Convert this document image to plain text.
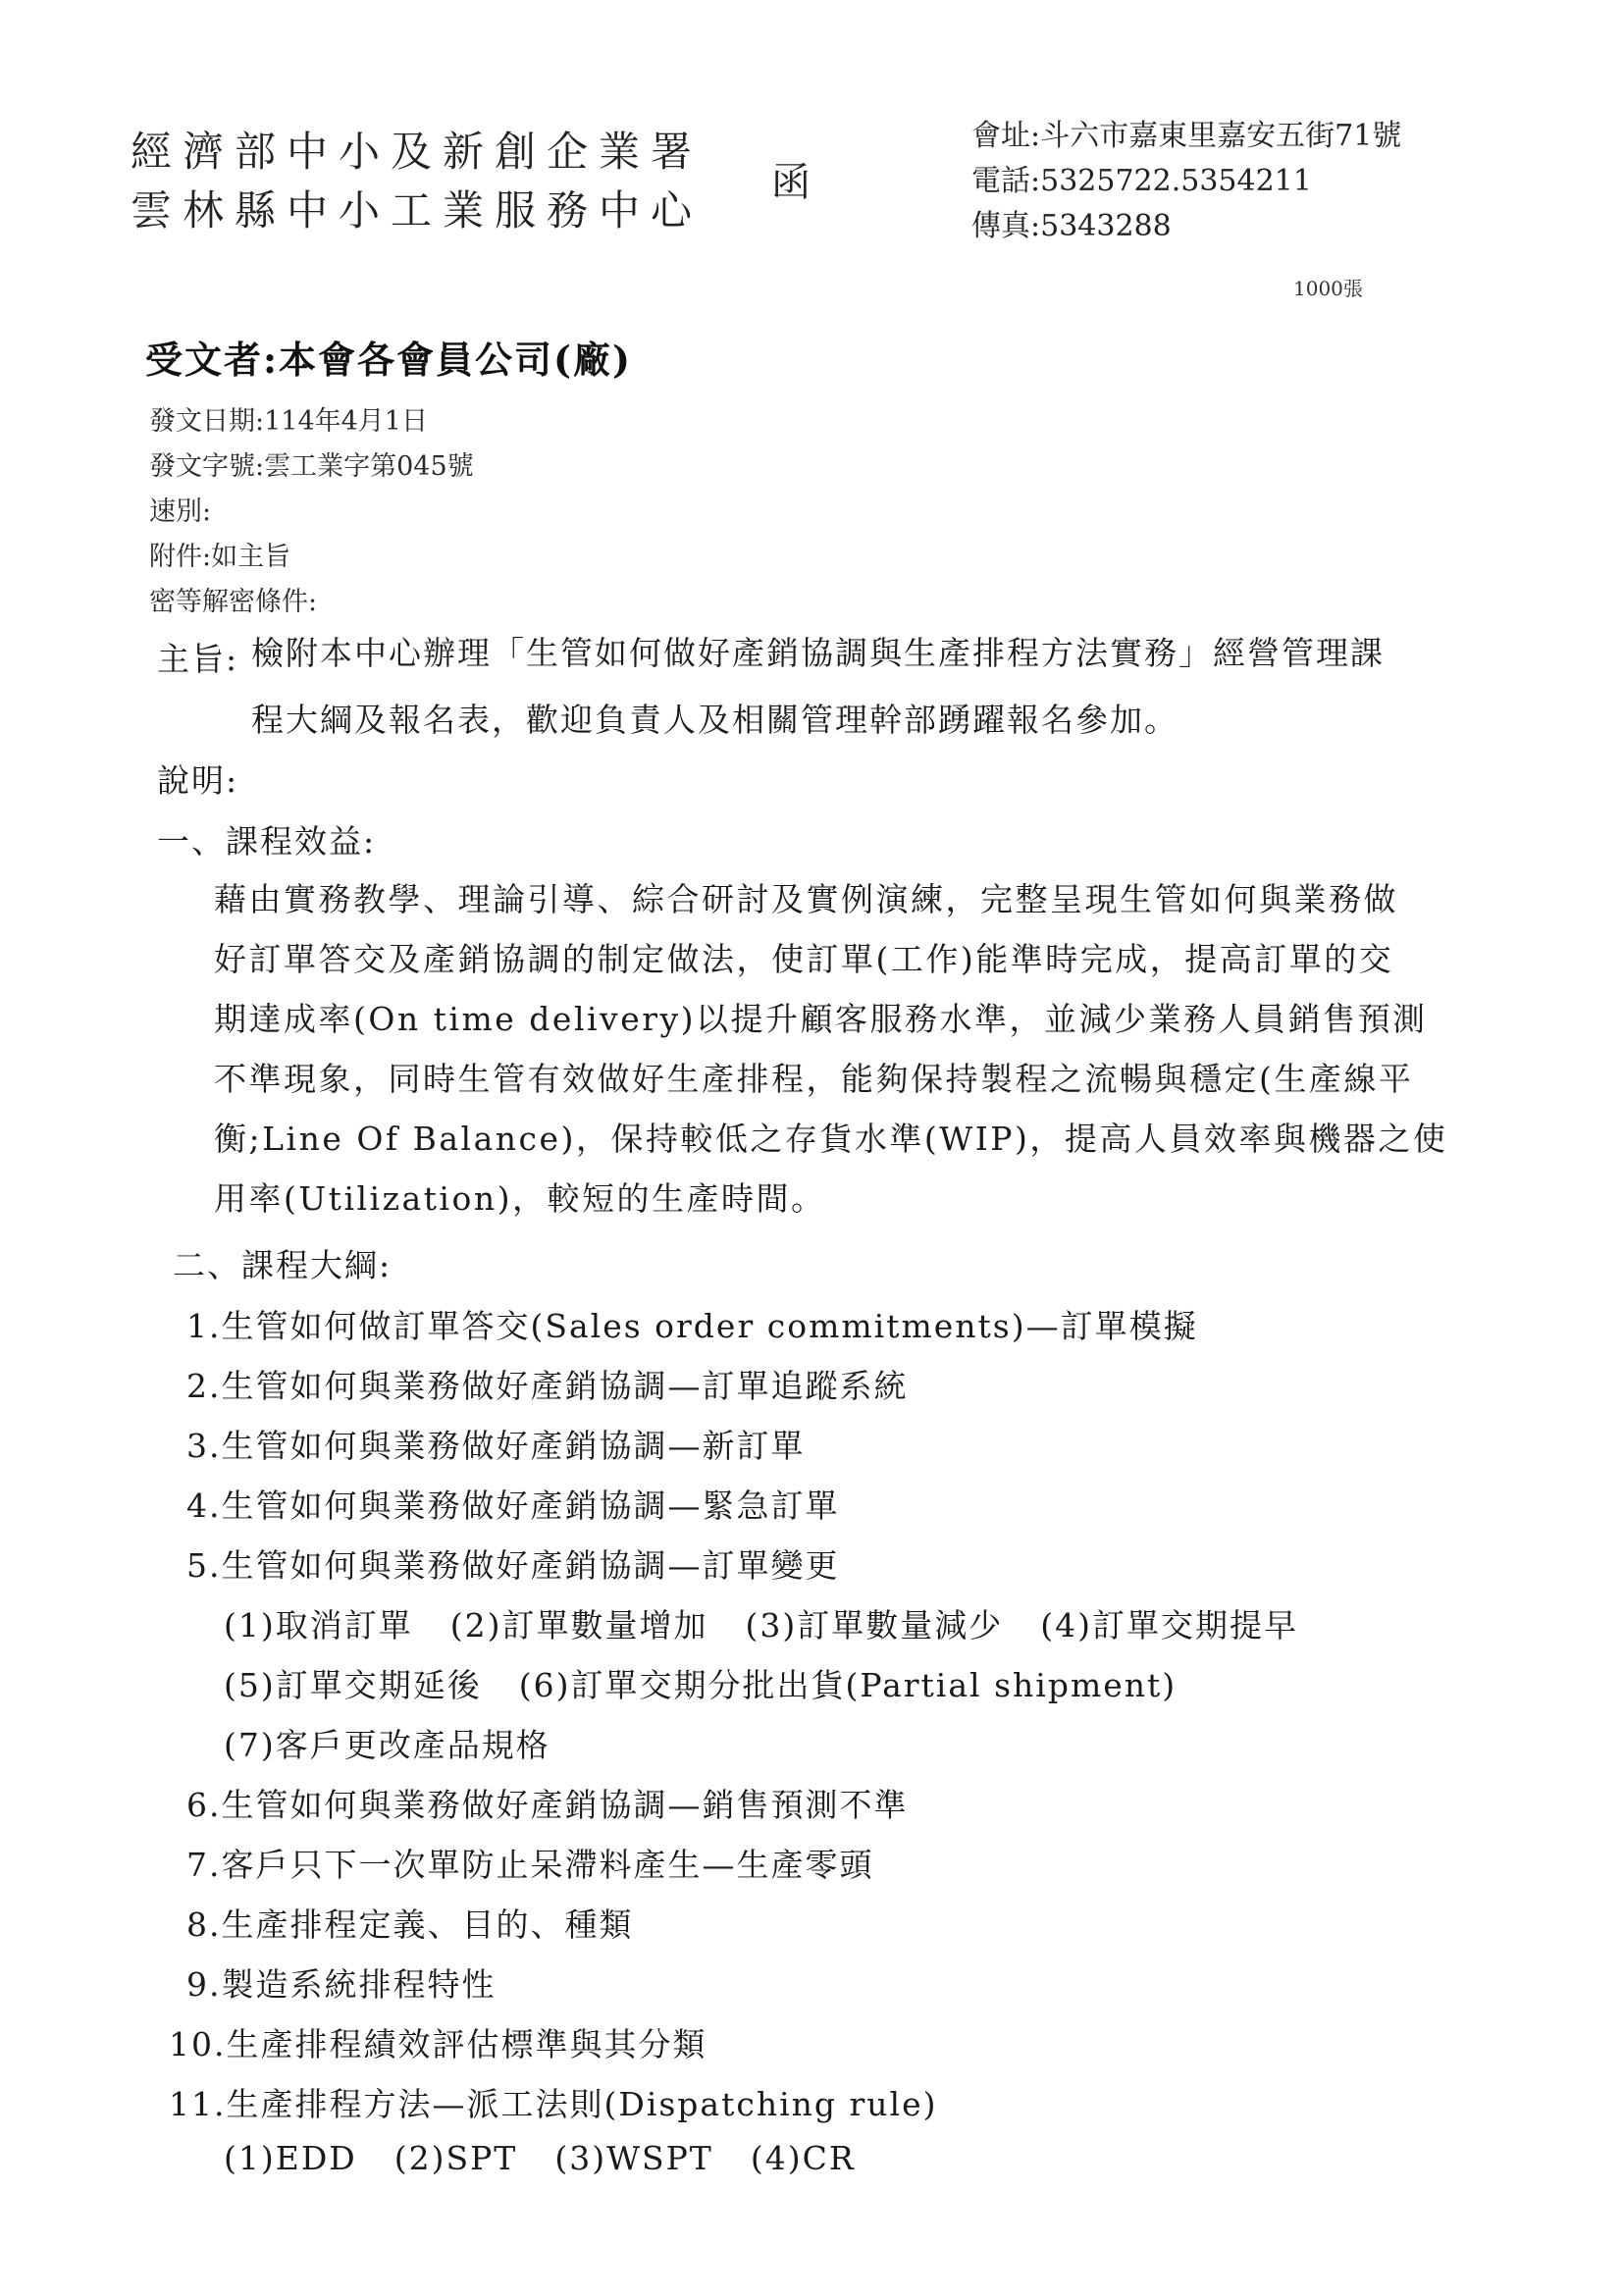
經濟部中小及新創企業署
雲林縣中小工業服務中心
函
會址:斗六市嘉東里嘉安五街71號
電話:5325722.5354211
傳真:5343288
1000張
受文者:本會各會員公司(廠)
發文日期:114年4月1日
發文字號:雲工業字第045號
速別:
附件:如主旨
密等解密條件:
主旨: 檢附本中心辦理「生管如何做好產銷協調與生產排程方法實務」經營管理課
程大綱及報名表，歡迎負責人及相關管理幹部踴躍報名參加。
說明:
一、課程效益:
藉由實務教學、理論引導、綜合研討及實例演練，完整呈現生管如何與業務做
好訂單答交及產銷協調的制定做法，使訂單(工作)能準時完成，提高訂單的交
期達成率(On time delivery)以提升顧客服務水準，並減少業務人員銷售預測
不準現象，同時生管有效做好生產排程，能夠保持製程之流暢與穩定(生產線平
衡;Line Of Balance)，保持較低之存貨水準(WIP)，提高人員效率與機器之使
用率(Utilization)，較短的生產時間。
二、課程大綱:
1.生管如何做訂單答交(Sales order commitments)—訂單模擬
2.生管如何與業務做好產銷協調—訂單追蹤系統
3.生管如何與業務做好產銷協調—新訂單
4.生管如何與業務做好產銷協調—緊急訂單
5.生管如何與業務做好產銷協調—訂單變更
(1)取消訂單 (2)訂單數量增加 (3)訂單數量減少 (4)訂單交期提早
(5)訂單交期延後 (6)訂單交期分批出貨(Partial shipment)
(7)客戶更改產品規格
6.生管如何與業務做好產銷協調—銷售預測不準
7.客戶只下一次單防止呆滯料產生—生產零頭
8.生產排程定義、目的、種類
9.製造系統排程特性
10.生產排程績效評估標準與其分類
11.生產排程方法—派工法則(Dispatching rule)
(1)EDD (2)SPT (3)WSPT (4)CR
